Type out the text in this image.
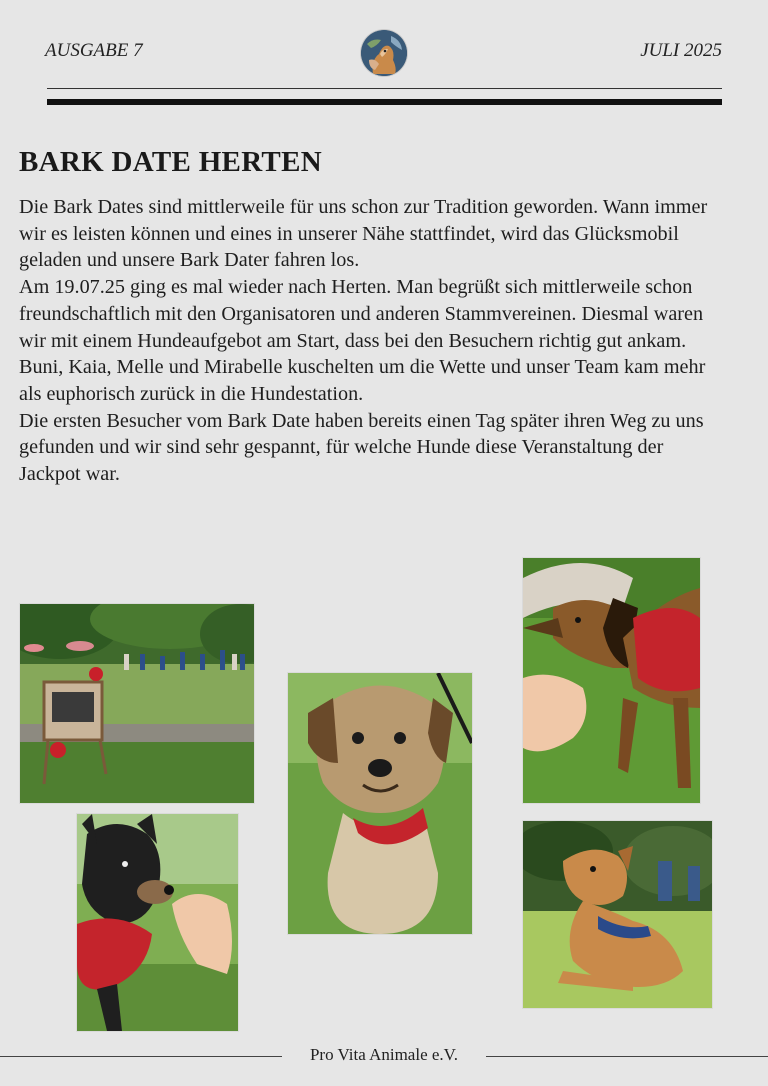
AUSGABE 7	JULI 2025
BARK DATE HERTEN

Die Bark Dates sind mittlerweile für uns schon zur Tradition geworden. Wann immer wir es leisten können und eines in unserer Nähe stattfindet, wird das Glücksmobil geladen und unsere Bark Dater fahren los.

Am 19.07.25 ging es mal wieder nach Herten. Man begrüßt sich mittlerweile schon freundschaftlich mit den Organisatoren und anderen Stammvereinen. Diesmal waren wir mit einem Hundeaufgebot am Start, dass bei den Besuchern richtig gut ankam. Buni, Kaia, Melle und Mirabelle kuschelten um die Wette und unser Team kam mehr als euphorisch zurück in die Hundestation.

Die ersten Besucher vom Bark Date haben bereits einen Tag später ihren Weg zu uns gefunden und wir sind sehr gespannt, für welche Hunde diese Veranstaltung der Jackpot war.

Pro Vita Animale e.V.
